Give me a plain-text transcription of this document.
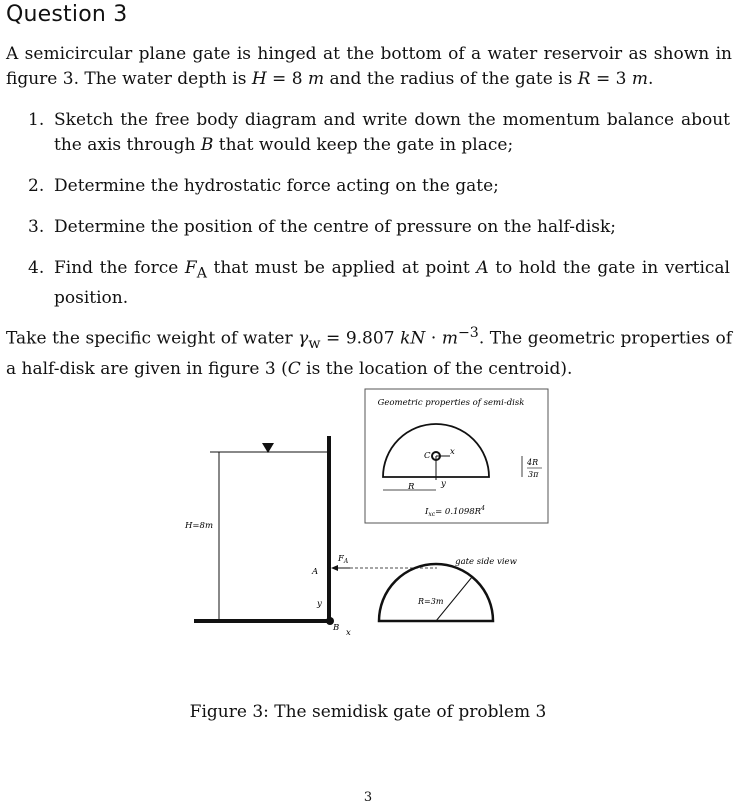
Question 3
A semicircular plane gate is hinged at the bottom of a water reservoir as shown in figure 3. The water depth is H = 8 m and the radius of the gate is R = 3 m.
1. Sketch the free body diagram and write down the momentum balance about the axis through B that would keep the gate in place;
2. Determine the hydrostatic force acting on the gate;
3. Determine the position of the centre of pressure on the half-disk;
4. Find the force $F_A$ that must be applied at point A to hold the gate in vertical position.
Take the specific weight of water $\gamma_w = 9.807$ kN · $m^{-3}$. The geometric properties of a half-disk are given in figure 3 (C is the location of the centroid).
Geometric properties of semi-disk
C x
y
R
4R
3π
$I_{xc}= 0.1098R^4$
H=8m
$F_A$
A
y
B x
gate side view
R=3m
Figure 3: The semidisk gate of problem 3
3
